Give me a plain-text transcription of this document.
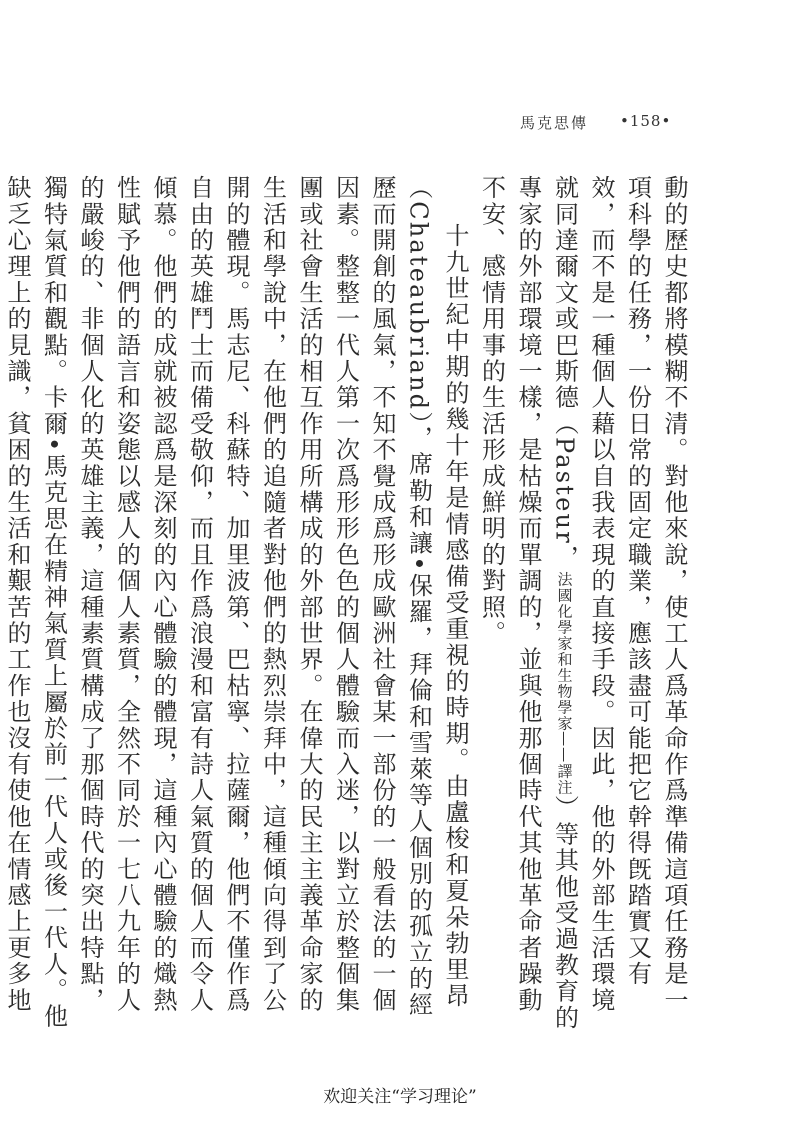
馬克思傳 •158•

動的歷史都將模糊不清。對他來說，使工人爲革命作爲準備這項任務是一項科學的任務，一份日常的固定職業，應該盡可能把它幹得旣踏實又有效，而不是一種個人藉以自我表現的直接手段。因此，他的外部生活環境就同達爾文或巴斯德（Pasteur，法國化學家和生物學家——譯注）等其他受過教育的專家的外部環境一樣，是枯燥而單調的，並與他那個時代其他革命者躁動不安、感情用事的生活形成鮮明的對照。

十九世紀中期的幾十年是情感備受重視的時期。由盧梭和夏朵勃里昂（Chateaubriand），席勒和讓•保羅，拜倫和雪萊等人個別的孤立的經歷而開創的風氣，不知不覺成爲形成歐洲社會某一部份的一般看法的一個因素。整整一代人第一次爲形形色色的個人體驗而入迷，以對立於整個集團或社會生活的相互作用所構成的外部世界。在偉大的民主主義革命家的生活和學說中，在他們的追隨者對他們的熱烈崇拜中，這種傾向得到了公開的體現。馬志尼、科蘇特、加里波第、巴枯寧、拉薩爾，他們不僅作爲自由的英雄鬥士而備受敬仰，而且作爲浪漫和富有詩人氣質的個人而令人傾慕。他們的成就被認爲是深刻的內心體驗的體現，這種內心體驗的熾熱性賦予他們的語言和姿態以感人的個人素質，全然不同於一七八九年的人的嚴峻的、非個人化的英雄主義，這種素質構成了那個時代的突出特點，獨特氣質和觀點。卡爾•馬克思在精神氣質上屬於前一代人或後一代人。他缺乏心理上的見識，貧困的生活和艱苦的工作也沒有使他在情感上更多地

欢迎关注“学习理论”
